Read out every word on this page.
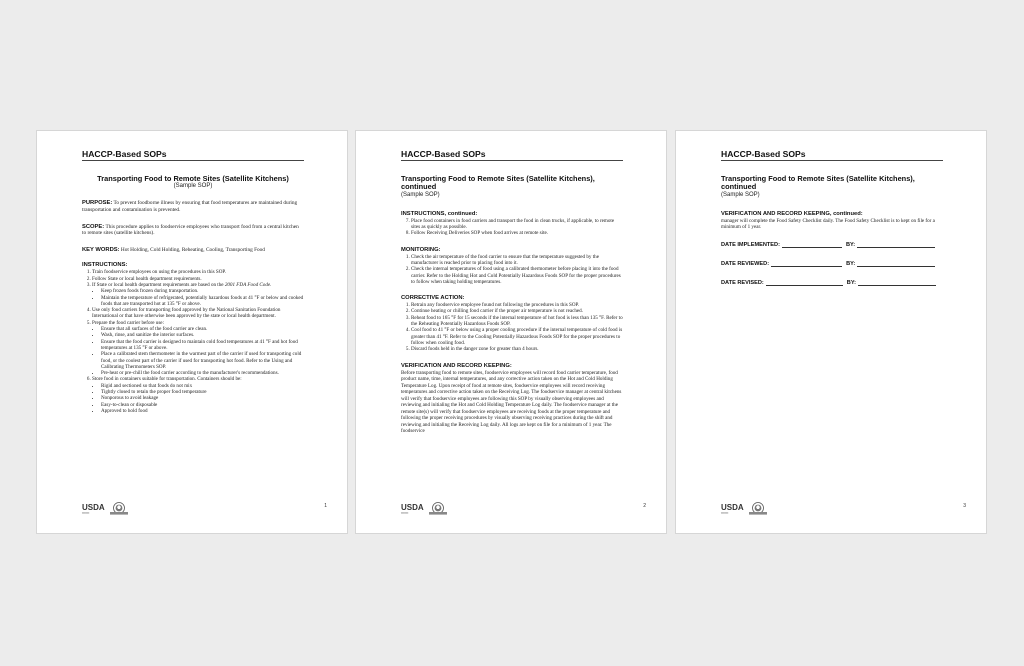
HACCP-Based SOPs
Transporting Food to Remote Sites (Satellite Kitchens)
(Sample SOP)
PURPOSE: To prevent foodborne illness by ensuring that food temperatures are maintained during transportation and contamination is prevented.
SCOPE: This procedure applies to foodservice employees who transport food from a central kitchen to remote sites (satellite kitchens).
KEY WORDS: Hot Holding, Cold Holding, Reheating, Cooling, Transporting Food
INSTRUCTIONS:
1. Train foodservice employees on using the procedures in this SOP.
2. Follow State or local health department requirements.
3. If State or local health department requirements are based on the 2001 FDA Food Code.
• Keep frozen foods frozen during transportation.
• Maintain the temperature of refrigerated, potentially hazardous foods at 41 °F or below and cooked foods that are transported hot at 135 °F or above.
4. Use only food carriers for transporting food approved by the National Sanitation Foundation International or that have otherwise been approved by the state or local health department.
5. Prepare the food carrier before use:
• Ensure that all surfaces of the food carrier are clean.
• Wash, rinse, and sanitize the interior surfaces.
• Ensure that the food carrier is designed to maintain cold food temperatures at 41 °F and hot food temperatures at 135 °F or above.
• Place a calibrated stem thermometer in the warmest part of the carrier if used for transporting cold food, or the coolest part of the carrier if used for transporting hot food. Refer to the Using and Calibrating Thermometers SOP.
• Pre-heat or pre-chill the food carrier according to the manufacturer's recommendations.
6. Store food in containers suitable for transportation. Containers should be:
• Rigid and sectioned so that foods do not mix
• Tightly closed to retain the proper food temperature
• Nonporous to avoid leakage
• Easy-to-clean or disposable
• Approved to hold food
1
USDA
━━━━
HACCP-Based SOPs
Transporting Food to Remote Sites (Satellite Kitchens), continued
(Sample SOP)
INSTRUCTIONS, continued:
7. Place food containers in food carriers and transport the food in clean trucks, if applicable, to remote sites as quickly as possible.
8. Follow Receiving Deliveries SOP when food arrives at remote site.
MONITORING:
1. Check the air temperature of the food carrier to ensure that the temperature suggested by the manufacturer is reached prior to placing food into it.
2. Check the internal temperatures of food using a calibrated thermometer before placing it into the food carrier. Refer to the Holding Hot and Cold Potentially Hazardous Foods SOP for the proper procedures to follow when taking holding temperatures.
CORRECTIVE ACTION:
1. Retrain any foodservice employee found not following the procedures in this SOP.
2. Continue heating or chilling food carrier if the proper air temperature is not reached.
3. Reheat food to 165 °F for 15 seconds if the internal temperature of hot food is less than 135 °F. Refer to the Reheating Potentially Hazardous Foods SOP.
4. Cool food to 41 °F or below using a proper cooling procedure if the internal temperature of cold food is greater than 41 °F. Refer to the Cooling Potentially Hazardous Foods SOP for the proper procedures to follow when cooling food.
5. Discard foods held in the danger zone for greater than 4 hours.
VERIFICATION AND RECORD KEEPING:
Before transporting food to remote sites, foodservice employees will record food carrier temperature, food product name, time, internal temperatures, and any corrective action taken on the Hot and Cold Holding Temperature Log. Upon receipt of food at remote sites, foodservice employees will record receiving temperatures and corrective action taken on the Receiving Log. The foodservice manager at central kitchens will verify that foodservice employees are following this SOP by visually observing employees and reviewing and initialing the Hot and Cold Holding Temperature Log daily. The foodservice manager at the remote site(s) will verify that foodservice employees are receiving foods at the proper temperature and following the proper receiving procedures by visually observing receiving practices during the shift and reviewing and initialing the Receiving Log daily. All logs are kept on file for a minimum of 1 year. The foodservice
2
USDA
━━━━
HACCP-Based SOPs
Transporting Food to Remote Sites (Satellite Kitchens), continued
(Sample SOP)
VERIFICATION AND RECORD KEEPING, continued:
manager will complete the Food Safety Checklist daily. The Food Safety Checklist is to kept on file for a minimum of 1 year.
DATE IMPLEMENTED:	BY:
DATE REVIEWED:	BY:
DATE REVISED:	BY:
3
USDA
━━━━
